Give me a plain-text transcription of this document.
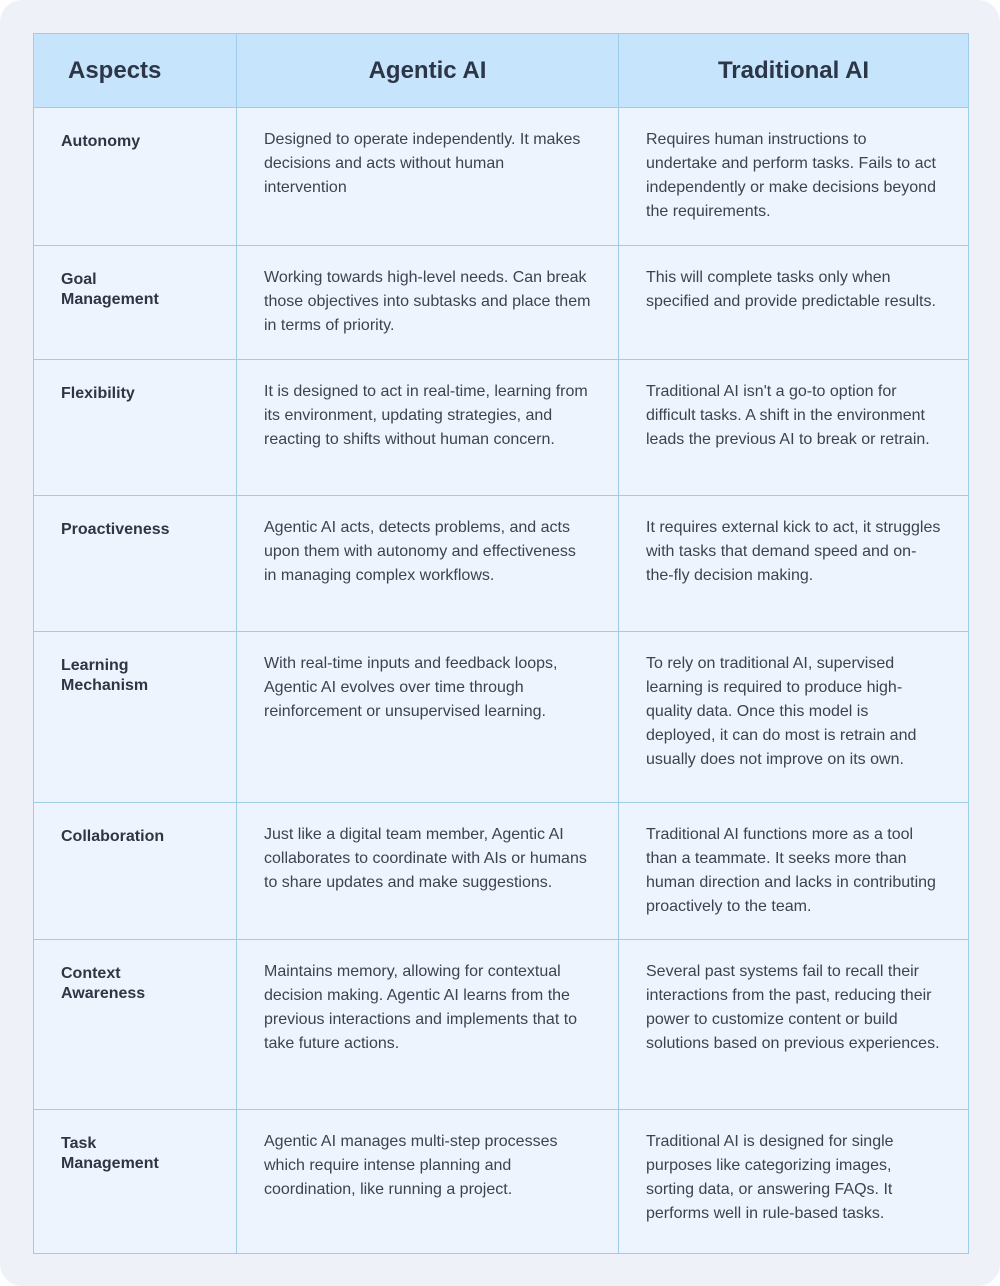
Aspects	Agentic AI	Traditional AI

Autonomy	Designed to operate independently. It makes decisions and acts without human intervention	Requires human instructions to undertake and perform tasks. Fails to act independently or make decisions beyond the requirements.

Goal Management	Working towards high-level needs. Can break those objectives into subtasks and place them in terms of priority.	This will complete tasks only when specified and provide predictable results.

Flexibility	It is designed to act in real-time, learning from its environment, updating strategies, and reacting to shifts without human concern.	Traditional AI isn't a go-to option for difficult tasks. A shift in the environment leads the previous AI to break or retrain.

Proactiveness	Agentic AI acts, detects problems, and acts upon them with autonomy and effectiveness in managing complex workflows.	It requires external kick to act, it struggles with tasks that demand speed and on-the-fly decision making.

Learning Mechanism	With real-time inputs and feedback loops, Agentic AI evolves over time through reinforcement or unsupervised learning.	To rely on traditional AI, supervised learning is required to produce high-quality data. Once this model is deployed, it can do most is retrain and usually does not improve on its own.

Collaboration	Just like a digital team member, Agentic AI collaborates to coordinate with AIs or humans to share updates and make suggestions.	Traditional AI functions more as a tool than a teammate. It seeks more than human direction and lacks in contributing proactively to the team.

Context Awareness	Maintains memory, allowing for contextual decision making. Agentic AI learns from the previous interactions and implements that to take future actions.	Several past systems fail to recall their interactions from the past, reducing their power to customize content or build solutions based on previous experiences.

Task Management	Agentic AI manages multi-step processes which require intense planning and coordination, like running a project.	Traditional AI is designed for single purposes like categorizing images, sorting data, or answering FAQs. It performs well in rule-based tasks.
